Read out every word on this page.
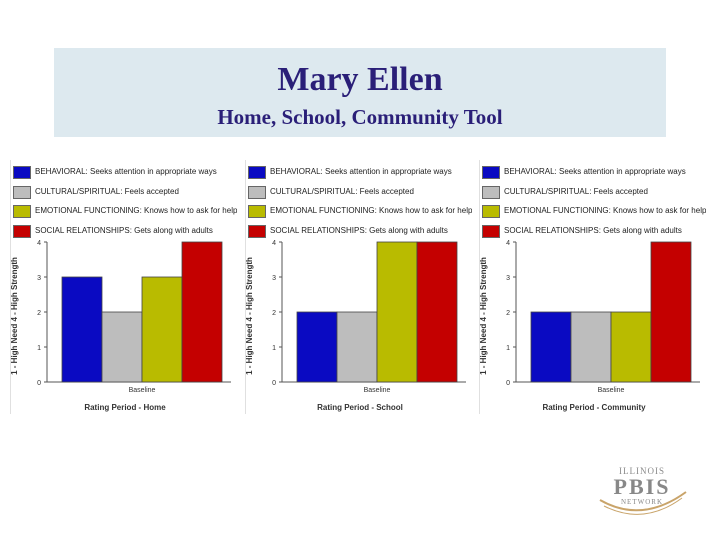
Mary Ellen
Home, School, Community Tool
BEHAVIORAL: Seeks attention in appropriate ways
CULTURAL/SPIRITUAL: Feels accepted
EMOTIONAL FUNCTIONING: Knows how to ask for help
SOCIAL RELATIONSHIPS: Gets along with adults
0
1
2
3
4
Baseline
1 - High Need 4 - High Strength
Rating Period - Home
BEHAVIORAL: Seeks attention in appropriate ways
CULTURAL/SPIRITUAL: Feels accepted
EMOTIONAL FUNCTIONING: Knows how to ask for help
SOCIAL RELATIONSHIPS: Gets along with adults
0
1
2
3
4
Baseline
1 - High Need 4 - High Strength
Rating Period - School
BEHAVIORAL: Seeks attention in appropriate ways
CULTURAL/SPIRITUAL: Feels accepted
EMOTIONAL FUNCTIONING: Knows how to ask for help
SOCIAL RELATIONSHIPS: Gets along with adults
0
1
2
3
4
Baseline
1 - High Need 4 - High Strength
Rating Period - Community
ILLINOIS
PBIS
NETWORK
